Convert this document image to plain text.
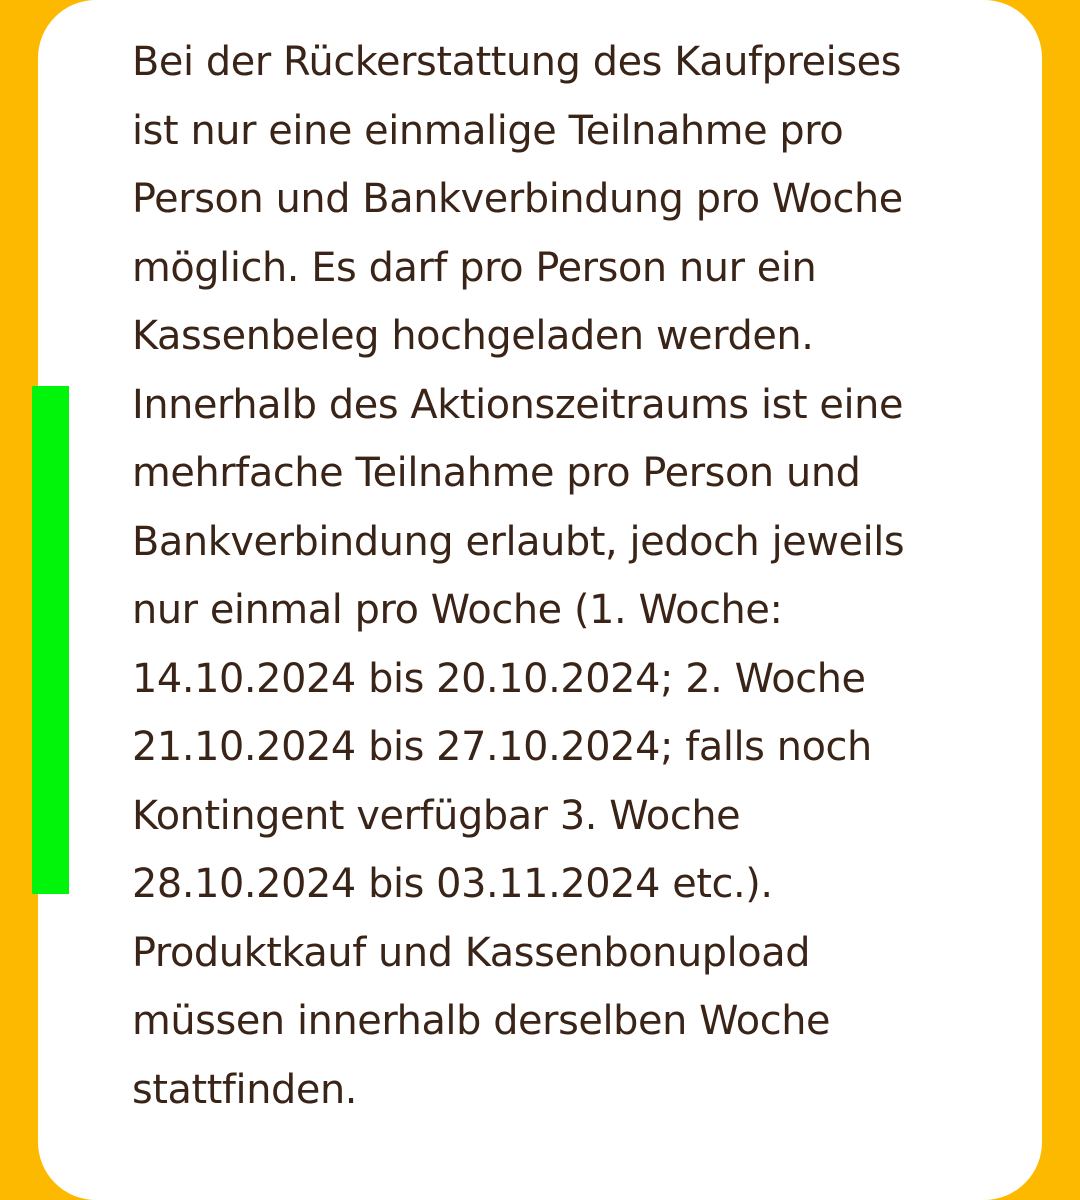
Bei der Rückerstattung des Kaufpreises
ist nur eine einmalige Teilnahme pro
Person und Bankverbindung pro Woche
möglich. Es darf pro Person nur ein
Kassenbeleg hochgeladen werden.
Innerhalb des Aktionszeitraums ist eine
mehrfache Teilnahme pro Person und
Bankverbindung erlaubt, jedoch jeweils
nur einmal pro Woche (1. Woche:
14.10.2024 bis 20.10.2024; 2. Woche
21.10.2024 bis 27.10.2024; falls noch
Kontingent verfügbar 3. Woche
28.10.2024 bis 03.11.2024 etc.).
Produktkauf und Kassenbonupload
müssen innerhalb derselben Woche
stattfinden.
